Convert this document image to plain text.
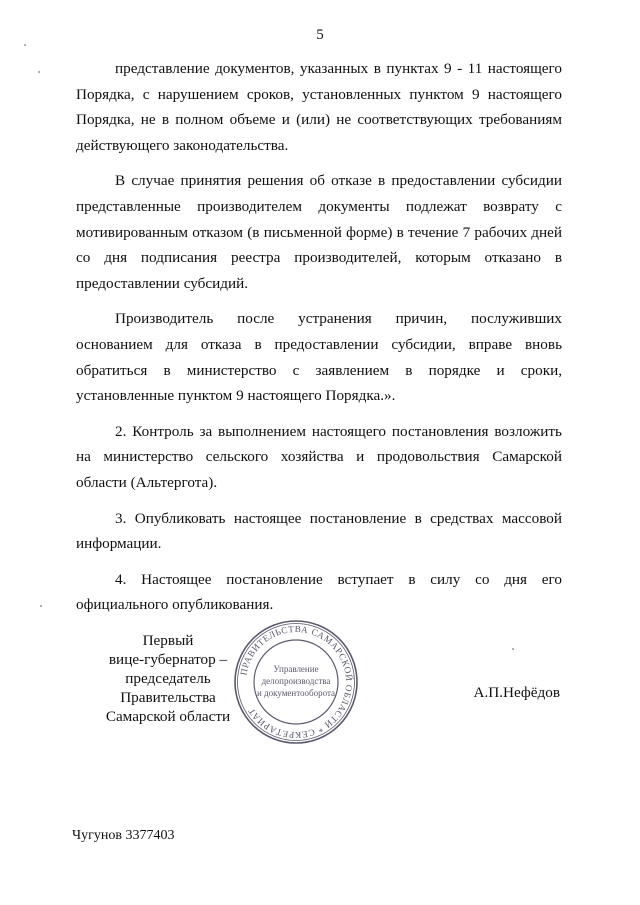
5

представление документов, указанных в пунктах 9 - 11 настоящего Порядка, с нарушением сроков, установленных пунктом 9 настоящего Порядка, не в полном объеме и (или) не соответствующих требованиям действующего законодательства.

В случае принятия решения об отказе в предоставлении субсидии представленные производителем документы подлежат возврату с мотивированным отказом (в письменной форме) в течение 7 рабочих дней со дня подписания реестра производителей, которым отказано в предоставлении субсидий.

Производитель после устранения причин, послуживших основанием для отказа в предоставлении субсидии, вправе вновь обратиться в министерство с заявлением в порядке и сроки, установленные пунктом 9 настоящего Порядка.».

2. Контроль за выполнением настоящего постановления возложить на министерство сельского хозяйства и продовольствия Самарской области (Альтергота).

3. Опубликовать настоящее постановление в средствах массовой информации.

4. Настоящее постановление вступает в силу со дня его официального опубликования.

Первый
вице-губернатор –
председатель Правительства
Самарской области
ПРАВИТЕЛЬСТВА САМАРСКОЙ ОБЛАСТИ * СЕКРЕТАРИАТ
Управление
делопроизводства
и документооборота	А.П.Нефёдов
Чугунов 3377403
